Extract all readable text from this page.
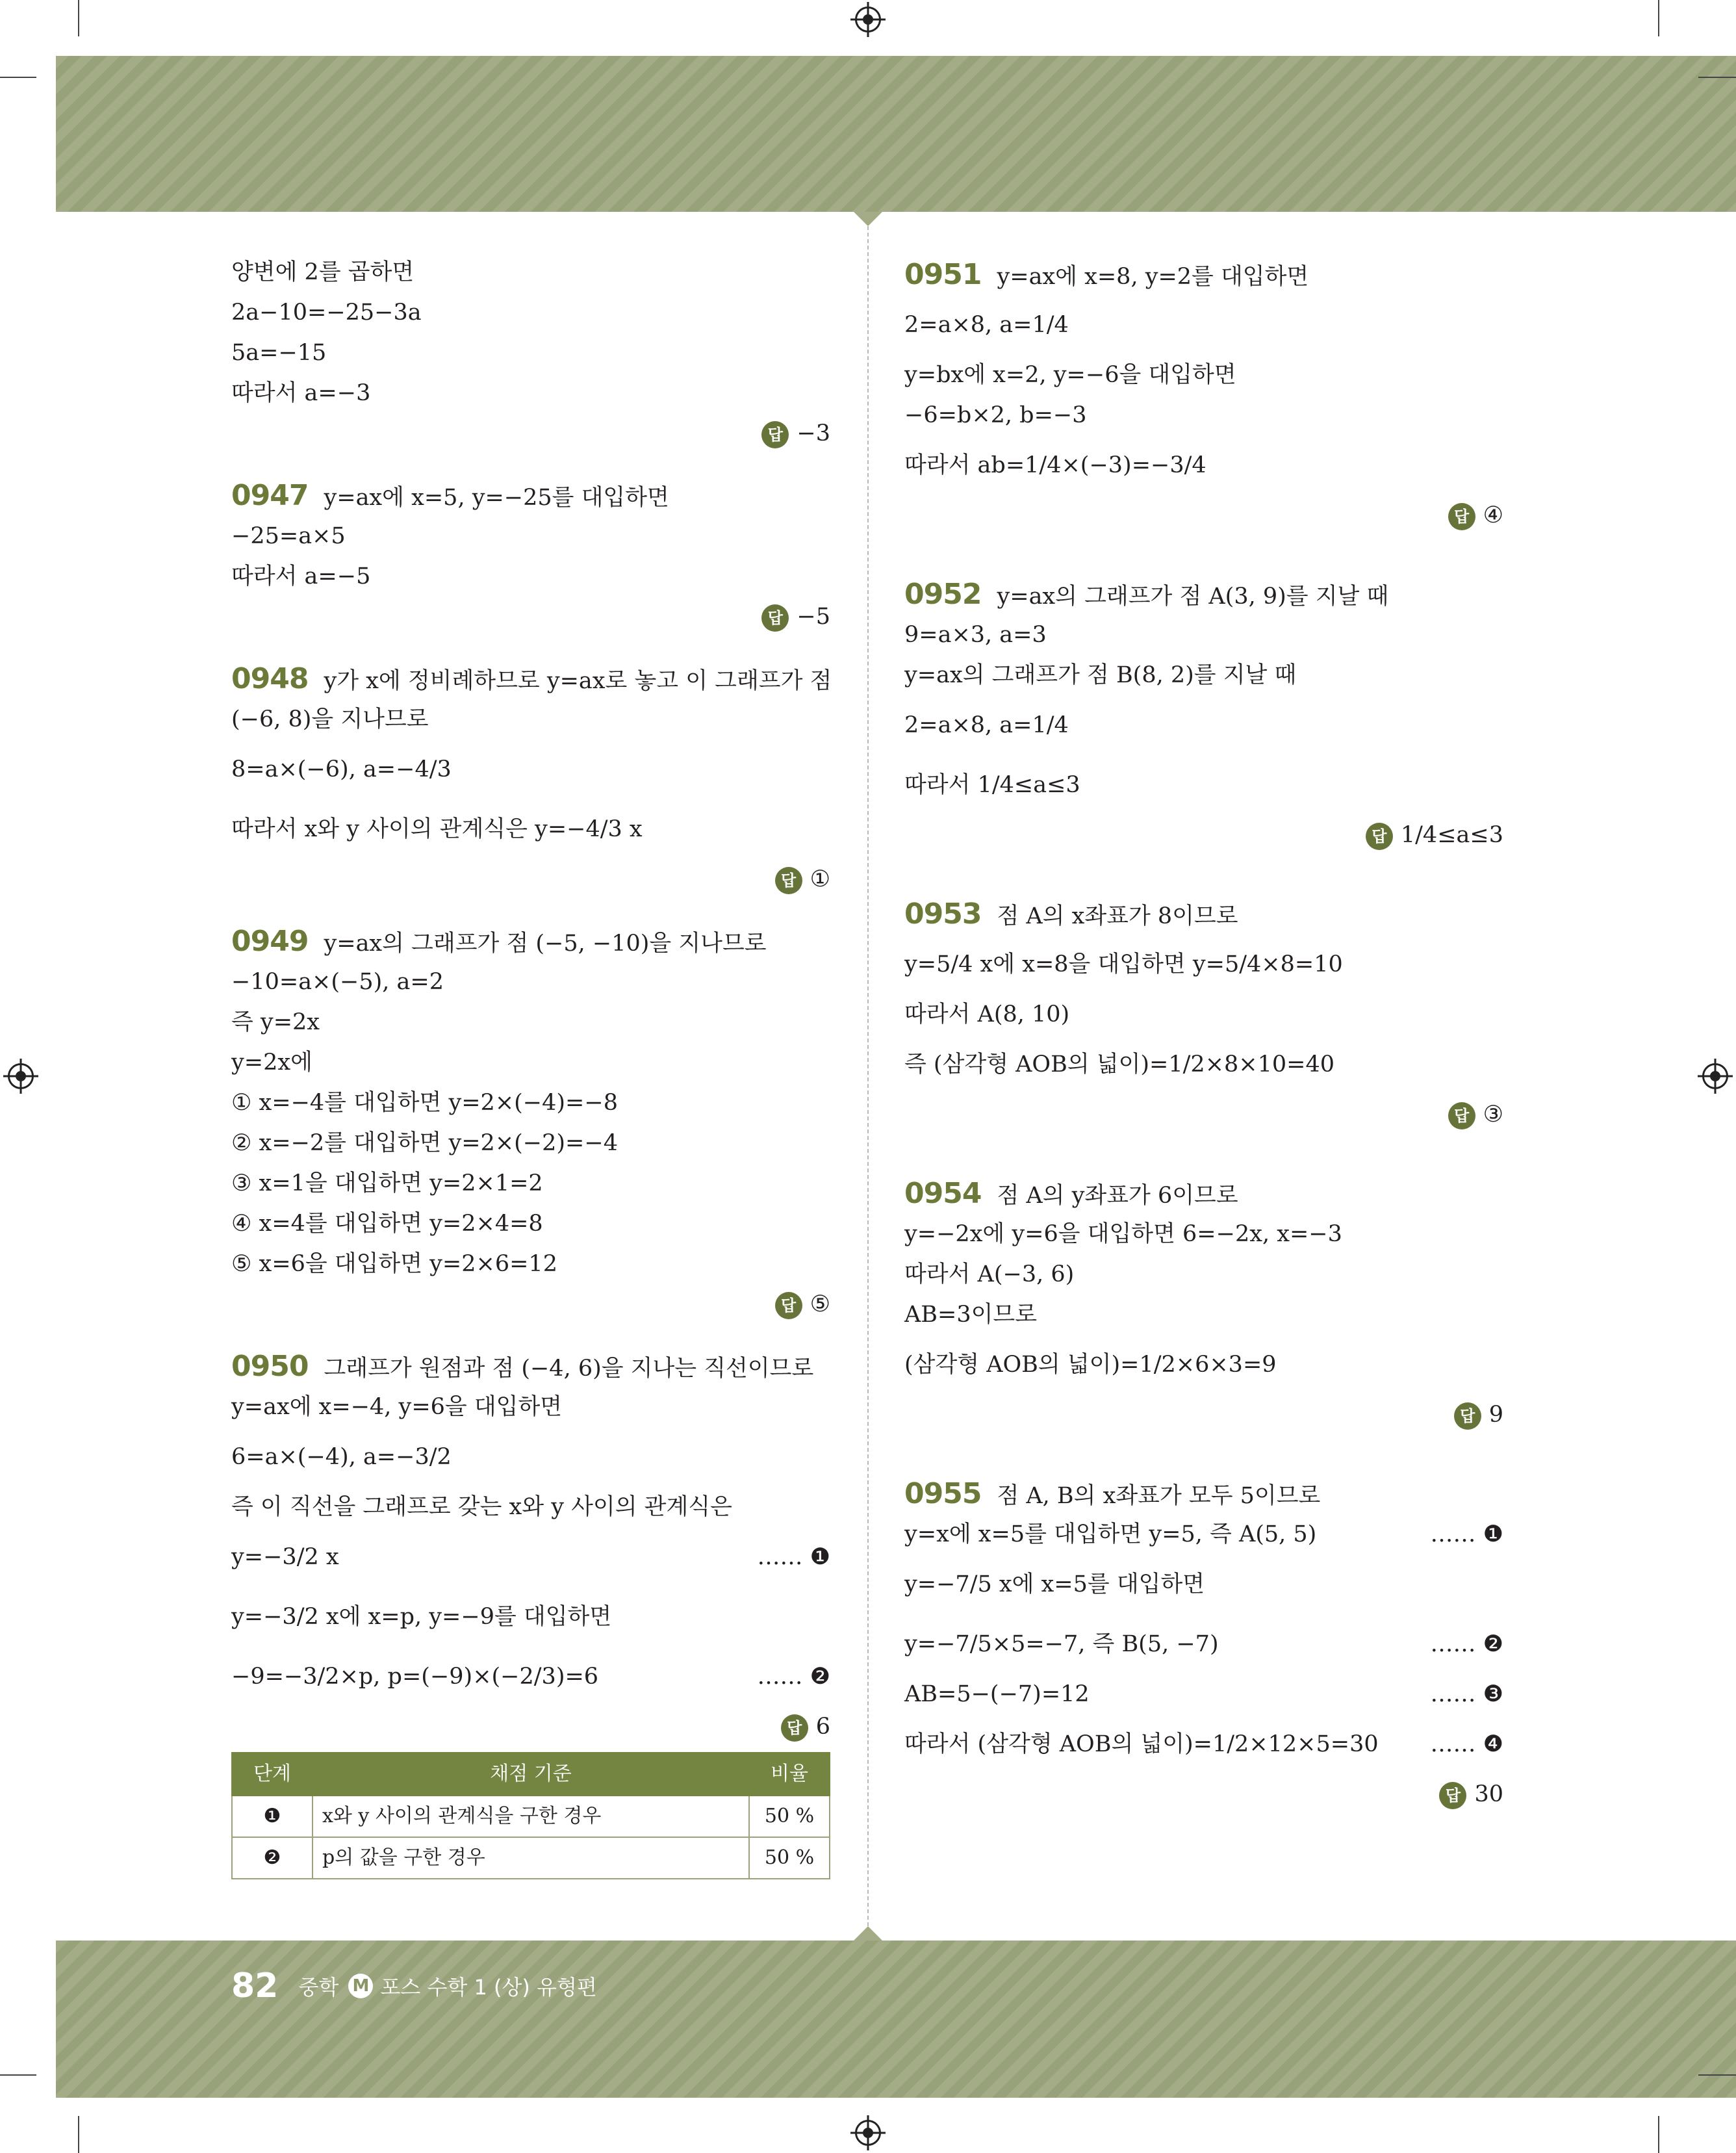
양변에 2를 곱하면
2a−10=−25−3a
5a=−15
따라서 a=−3
답 −3
0947 y=ax에 x=5, y=−25를 대입하면
−25=a×5
따라서 a=−5
답 −5
0948 y가 x에 정비례하므로 y=ax로 놓고 이 그래프가 점
(−6, 8)을 지나므로
8=a×(−6), a=−4/3
따라서 x와 y 사이의 관계식은 y=−4/3 x
답 ①
0949 y=ax의 그래프가 점 (−5, −10)을 지나므로
−10=a×(−5), a=2
즉 y=2x
y=2x에
① x=−4를 대입하면 y=2×(−4)=−8
② x=−2를 대입하면 y=2×(−2)=−4
③ x=1을 대입하면 y=2×1=2
④ x=4를 대입하면 y=2×4=8
⑤ x=6을 대입하면 y=2×6=12
답 ⑤
0950 그래프가 원점과 점 (−4, 6)을 지나는 직선이므로
y=ax에 x=−4, y=6을 대입하면
6=a×(−4), a=−3/2
즉 이 직선을 그래프로 갖는 x와 y 사이의 관계식은
y=−3/2 x	…… ❶
y=−3/2 x에 x=p, y=−9를 대입하면
−9=−3/2×p, p=(−9)×(−2/3)=6	…… ❷
답 6
단계	채점 기준	비율
❶	x와 y 사이의 관계식을 구한 경우	50 %
❷	p의 값을 구한 경우	50 %
0951 y=ax에 x=8, y=2를 대입하면
2=a×8, a=1/4
y=bx에 x=2, y=−6을 대입하면
−6=b×2, b=−3
따라서 ab=1/4×(−3)=−3/4
답 ④
0952 y=ax의 그래프가 점 A(3, 9)를 지날 때
9=a×3, a=3
y=ax의 그래프가 점 B(8, 2)를 지날 때
2=a×8, a=1/4
따라서 1/4≤a≤3
답 1/4≤a≤3
0953 점 A의 x좌표가 8이므로
y=5/4 x에 x=8을 대입하면 y=5/4×8=10
따라서 A(8, 10)
즉 (삼각형 AOB의 넓이)=1/2×8×10=40
답 ③
0954 점 A의 y좌표가 6이므로
y=−2x에 y=6을 대입하면 6=−2x, x=−3
따라서 A(−3, 6)
AB=3이므로
(삼각형 AOB의 넓이)=1/2×6×3=9
답 9
0955 점 A, B의 x좌표가 모두 5이므로
y=x에 x=5를 대입하면 y=5, 즉 A(5, 5)	…… ❶
y=−7/5 x에 x=5를 대입하면
y=−7/5×5=−7, 즉 B(5, −7)	…… ❷
AB=5−(−7)=12	…… ❸
따라서 (삼각형 AOB의 넓이)=1/2×12×5=30 …… ❹
답 30
82 중학 M 포스 수학 1 (상) 유형편
